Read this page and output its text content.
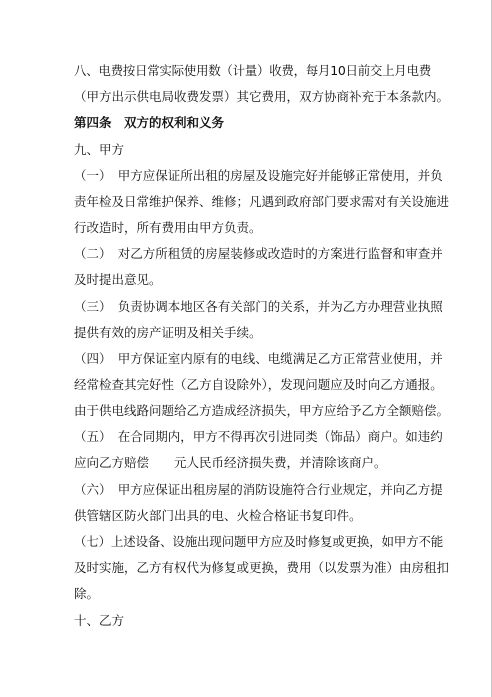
八、电费按日常实际使用数（计量）收费，每月10日前交上月电费

（甲方出示供电局收费发票）其它费用，双方协商补充于本条款内。

第四条　双方的权利和义务

九、甲方

（一）　甲方应保证所出租的房屋及设施完好并能够正常使用，并负

责年检及日常维护保养、维修；凡遇到政府部门要求需对有关设施进

行改造时，所有费用由甲方负责。

（二）　对乙方所租赁的房屋装修或改造时的方案进行监督和审查并

及时提出意见。

（三）　负责协调本地区各有关部门的关系，并为乙方办理营业执照

提供有效的房产证明及相关手续。

（四）　甲方保证室内原有的电线、电缆满足乙方正常营业使用，并

经常检查其完好性（乙方自设除外），发现问题应及时向乙方通报。

由于供电线路问题给乙方造成经济损失，甲方应给予乙方全额赔偿。

（五）　在合同期内，甲方不得再次引进同类（饰品）商户。如违约

应向乙方赔偿　　元人民币经济损失费，并清除该商户。

（六）　甲方应保证出租房屋的消防设施符合行业规定，并向乙方提

供管辖区防火部门出具的电、火检合格证书复印件。

（七）上述设备、设施出现问题甲方应及时修复或更换，如甲方不能

及时实施，乙方有权代为修复或更换，费用（以发票为准）由房租扣

除。

十、乙方
